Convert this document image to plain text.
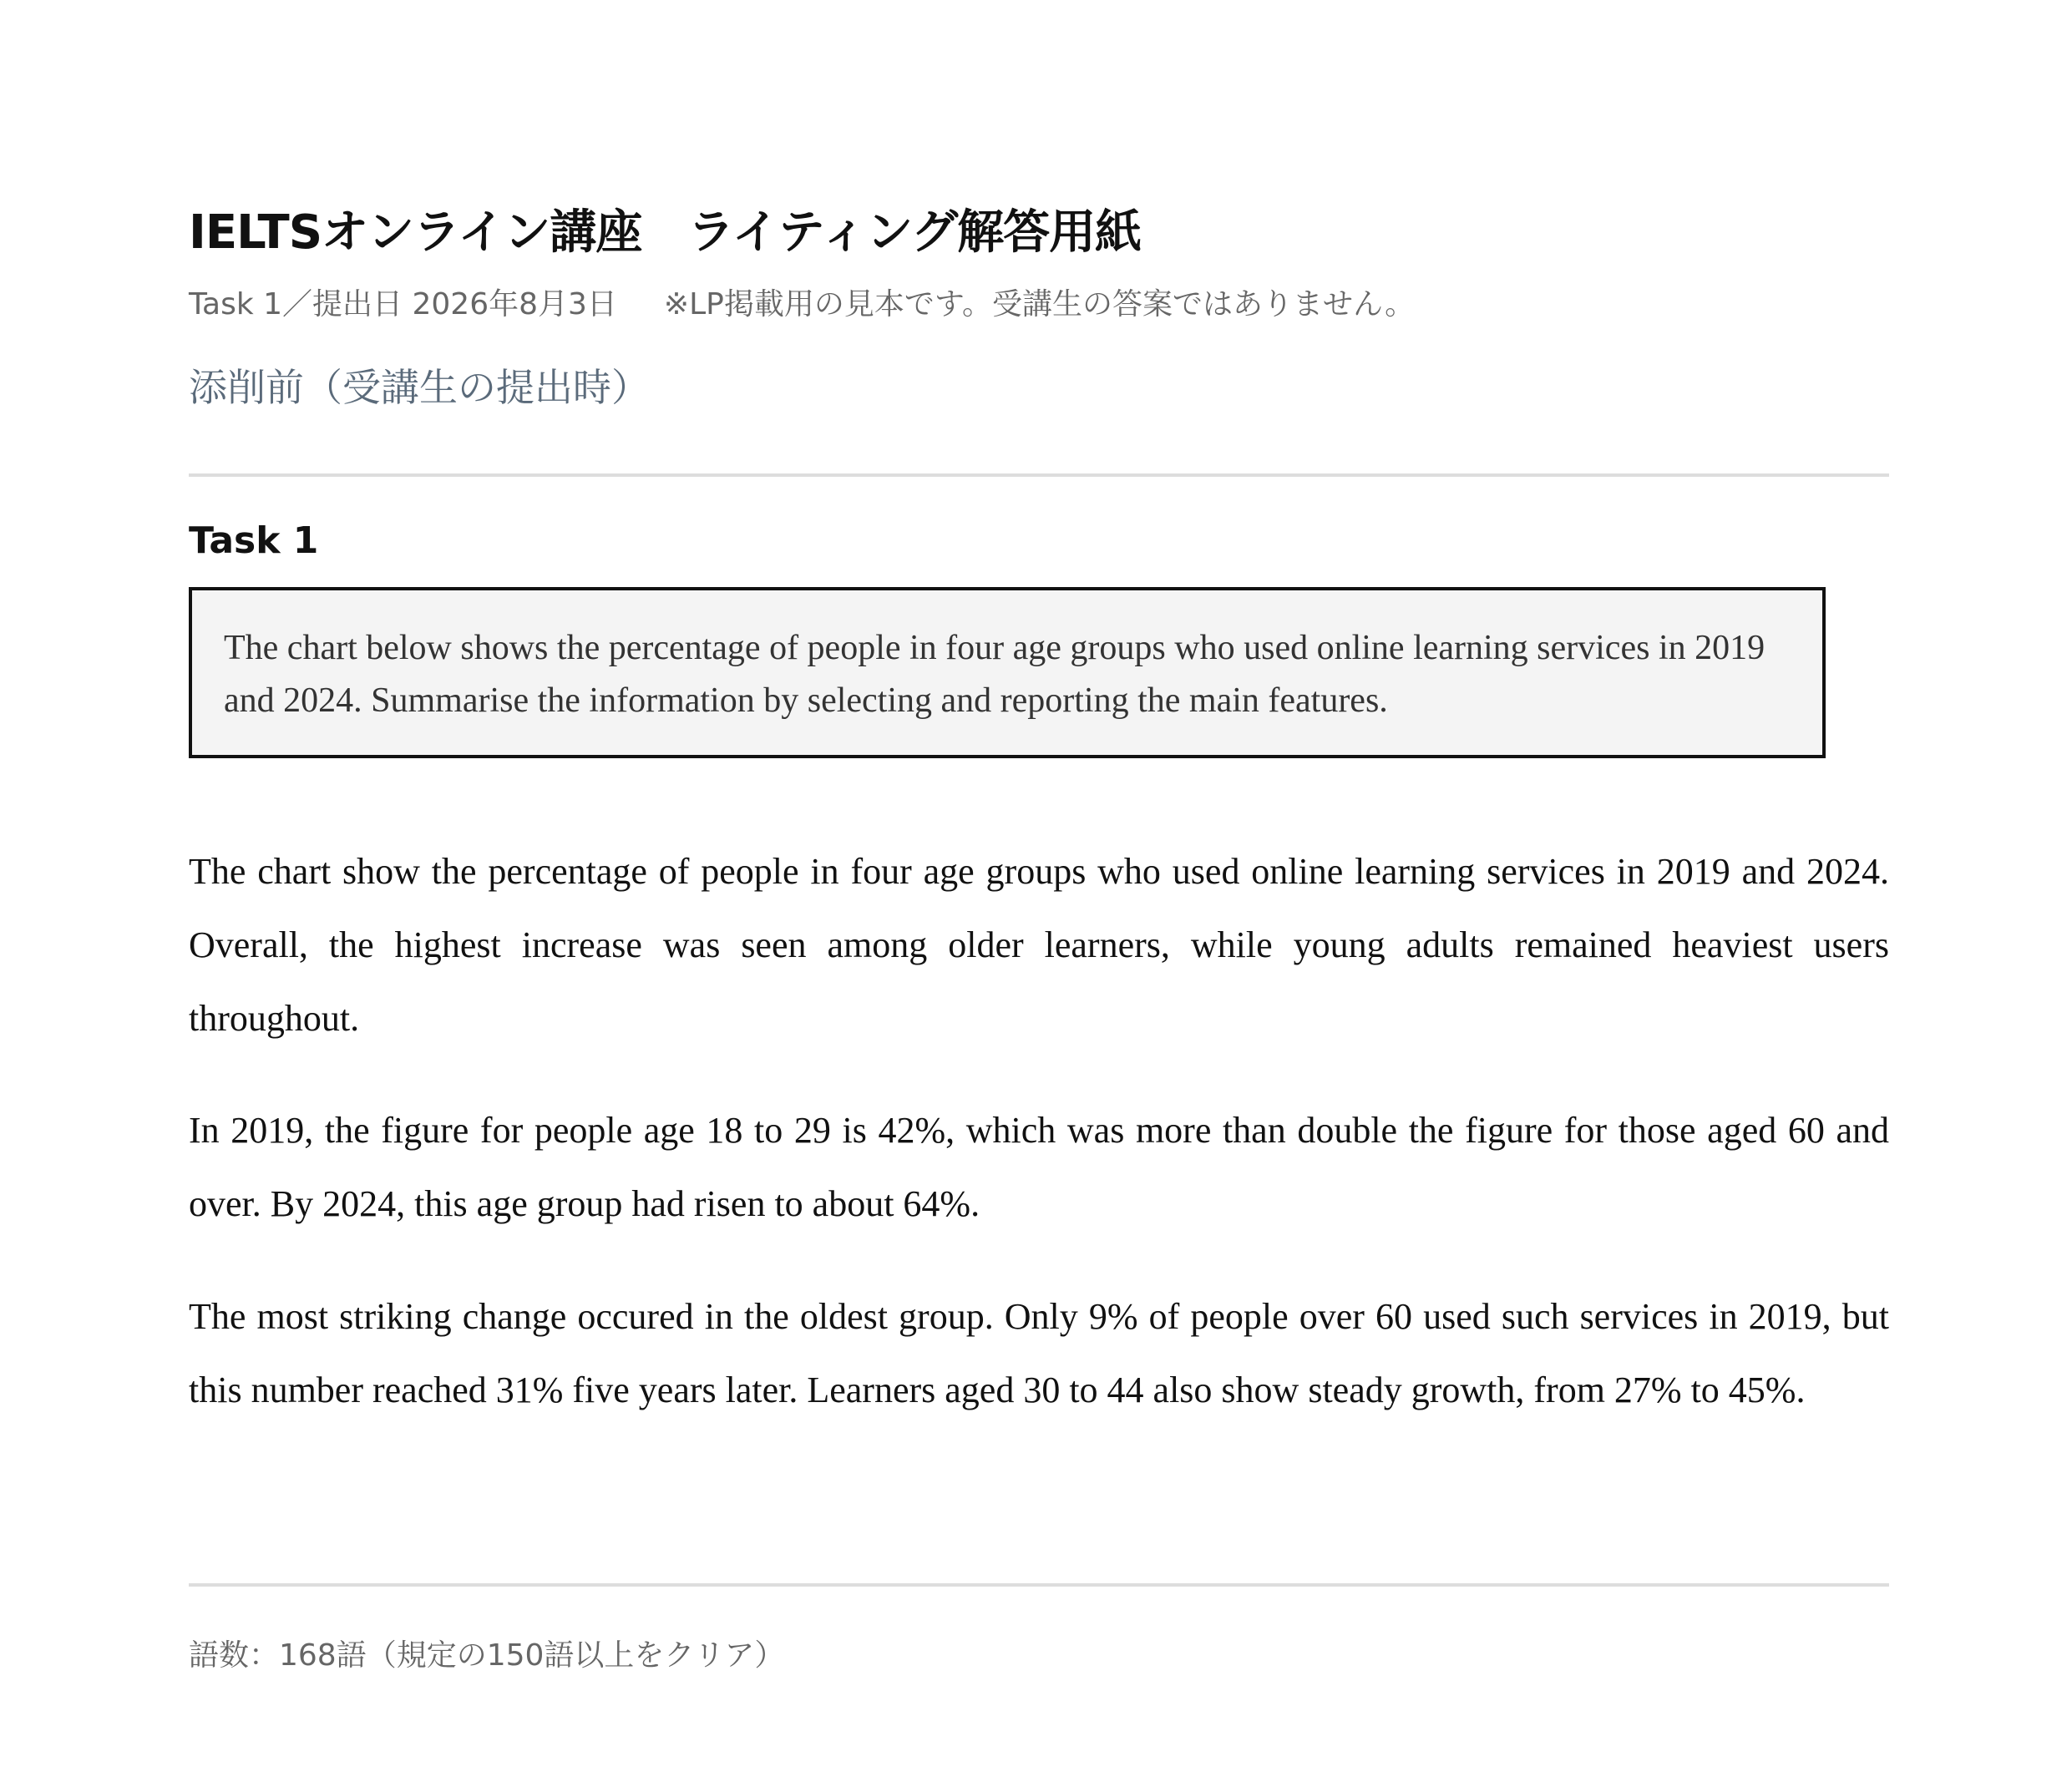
IELTSオンライン講座　ライティング解答用紙
Task 1／提出日 2026年8月3日 ※LP掲載用の見本です。受講生の答案ではありません。
添削前（受講生の提出時）
Task 1

The chart below shows the percentage of people in four age groups who used online learning services in 2019 and 2024. Summarise the information by selecting and reporting the main features.

The chart show the percentage of people in four age groups who used online learning services in 2019 and 2024. Overall, the highest increase was seen among older learners, while young adults remained heaviest users throughout.

In 2019, the figure for people age 18 to 29 is 42%, which was more than double the figure for those aged 60 and over. By 2024, this age group had risen to about 64%.

The most striking change occured in the oldest group. Only 9% of people over 60 used such services in 2019, but this number reached 31% five years later. Learners aged 30 to 44 also show steady growth, from 27% to 45%.

語数：168語（規定の150語以上をクリア）
